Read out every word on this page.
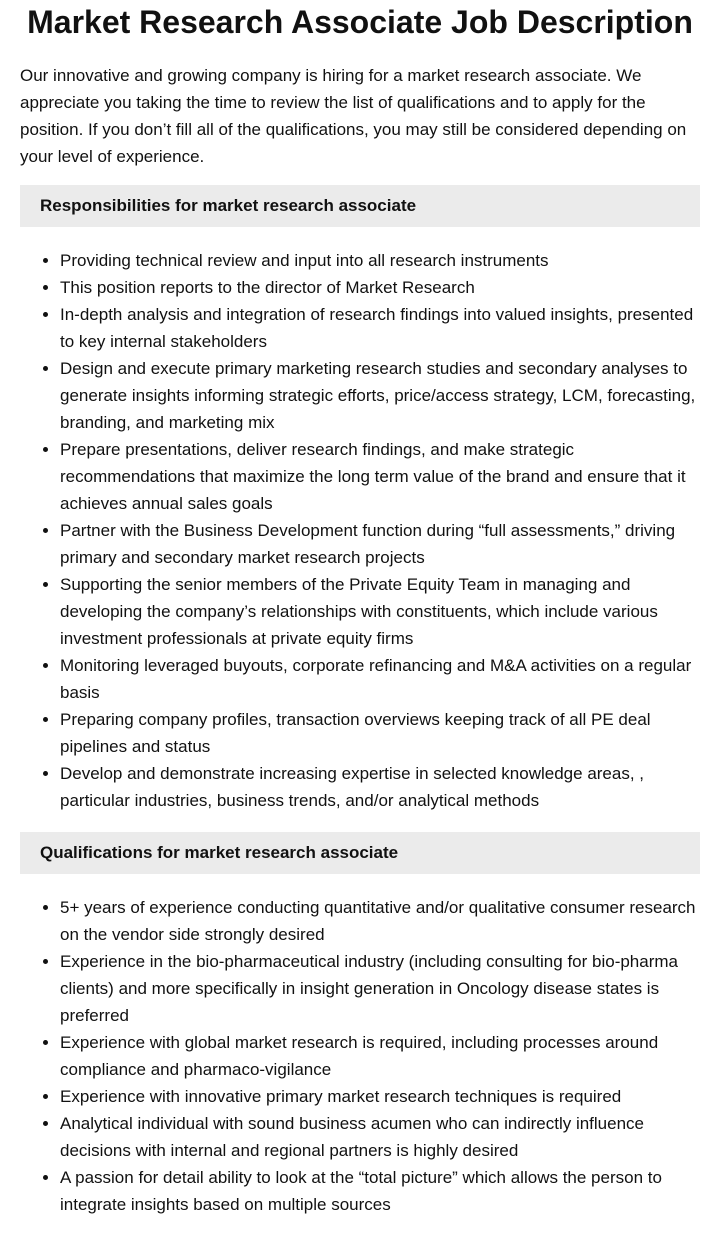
Market Research Associate Job Description

Our innovative and growing company is hiring for a market research associate. We appreciate you taking the time to review the list of qualifications and to apply for the position. If you don’t fill all of the qualifications, you may still be considered depending on your level of experience.

Responsibilities for market research associate
• Providing technical review and input into all research instruments
• This position reports to the director of Market Research
• In-depth analysis and integration of research findings into valued insights, presented to key internal stakeholders
• Design and execute primary marketing research studies and secondary analyses to generate insights informing strategic efforts, price/access strategy, LCM, forecasting, branding, and marketing mix
• Prepare presentations, deliver research findings, and make strategic recommendations that maximize the long term value of the brand and ensure that it achieves annual sales goals
• Partner with the Business Development function during “full assessments,” driving primary and secondary market research projects
• Supporting the senior members of the Private Equity Team in managing and developing the company’s relationships with constituents, which include various investment professionals at private equity firms
• Monitoring leveraged buyouts, corporate refinancing and M&A activities on a regular basis
• Preparing company profiles, transaction overviews keeping track of all PE deal pipelines and status
• Develop and demonstrate increasing expertise in selected knowledge areas, , particular industries, business trends, and/or analytical methods
Qualifications for market research associate
• 5+ years of experience conducting quantitative and/or qualitative consumer research on the vendor side strongly desired
• Experience in the bio-pharmaceutical industry (including consulting for bio-pharma clients) and more specifically in insight generation in Oncology disease states is preferred
• Experience with global market research is required, including processes around compliance and pharmaco-vigilance
• Experience with innovative primary market research techniques is required
• Analytical individual with sound business acumen who can indirectly influence decisions with internal and regional partners is highly desired
• A passion for detail ability to look at the “total picture” which allows the person to integrate insights based on multiple sources
